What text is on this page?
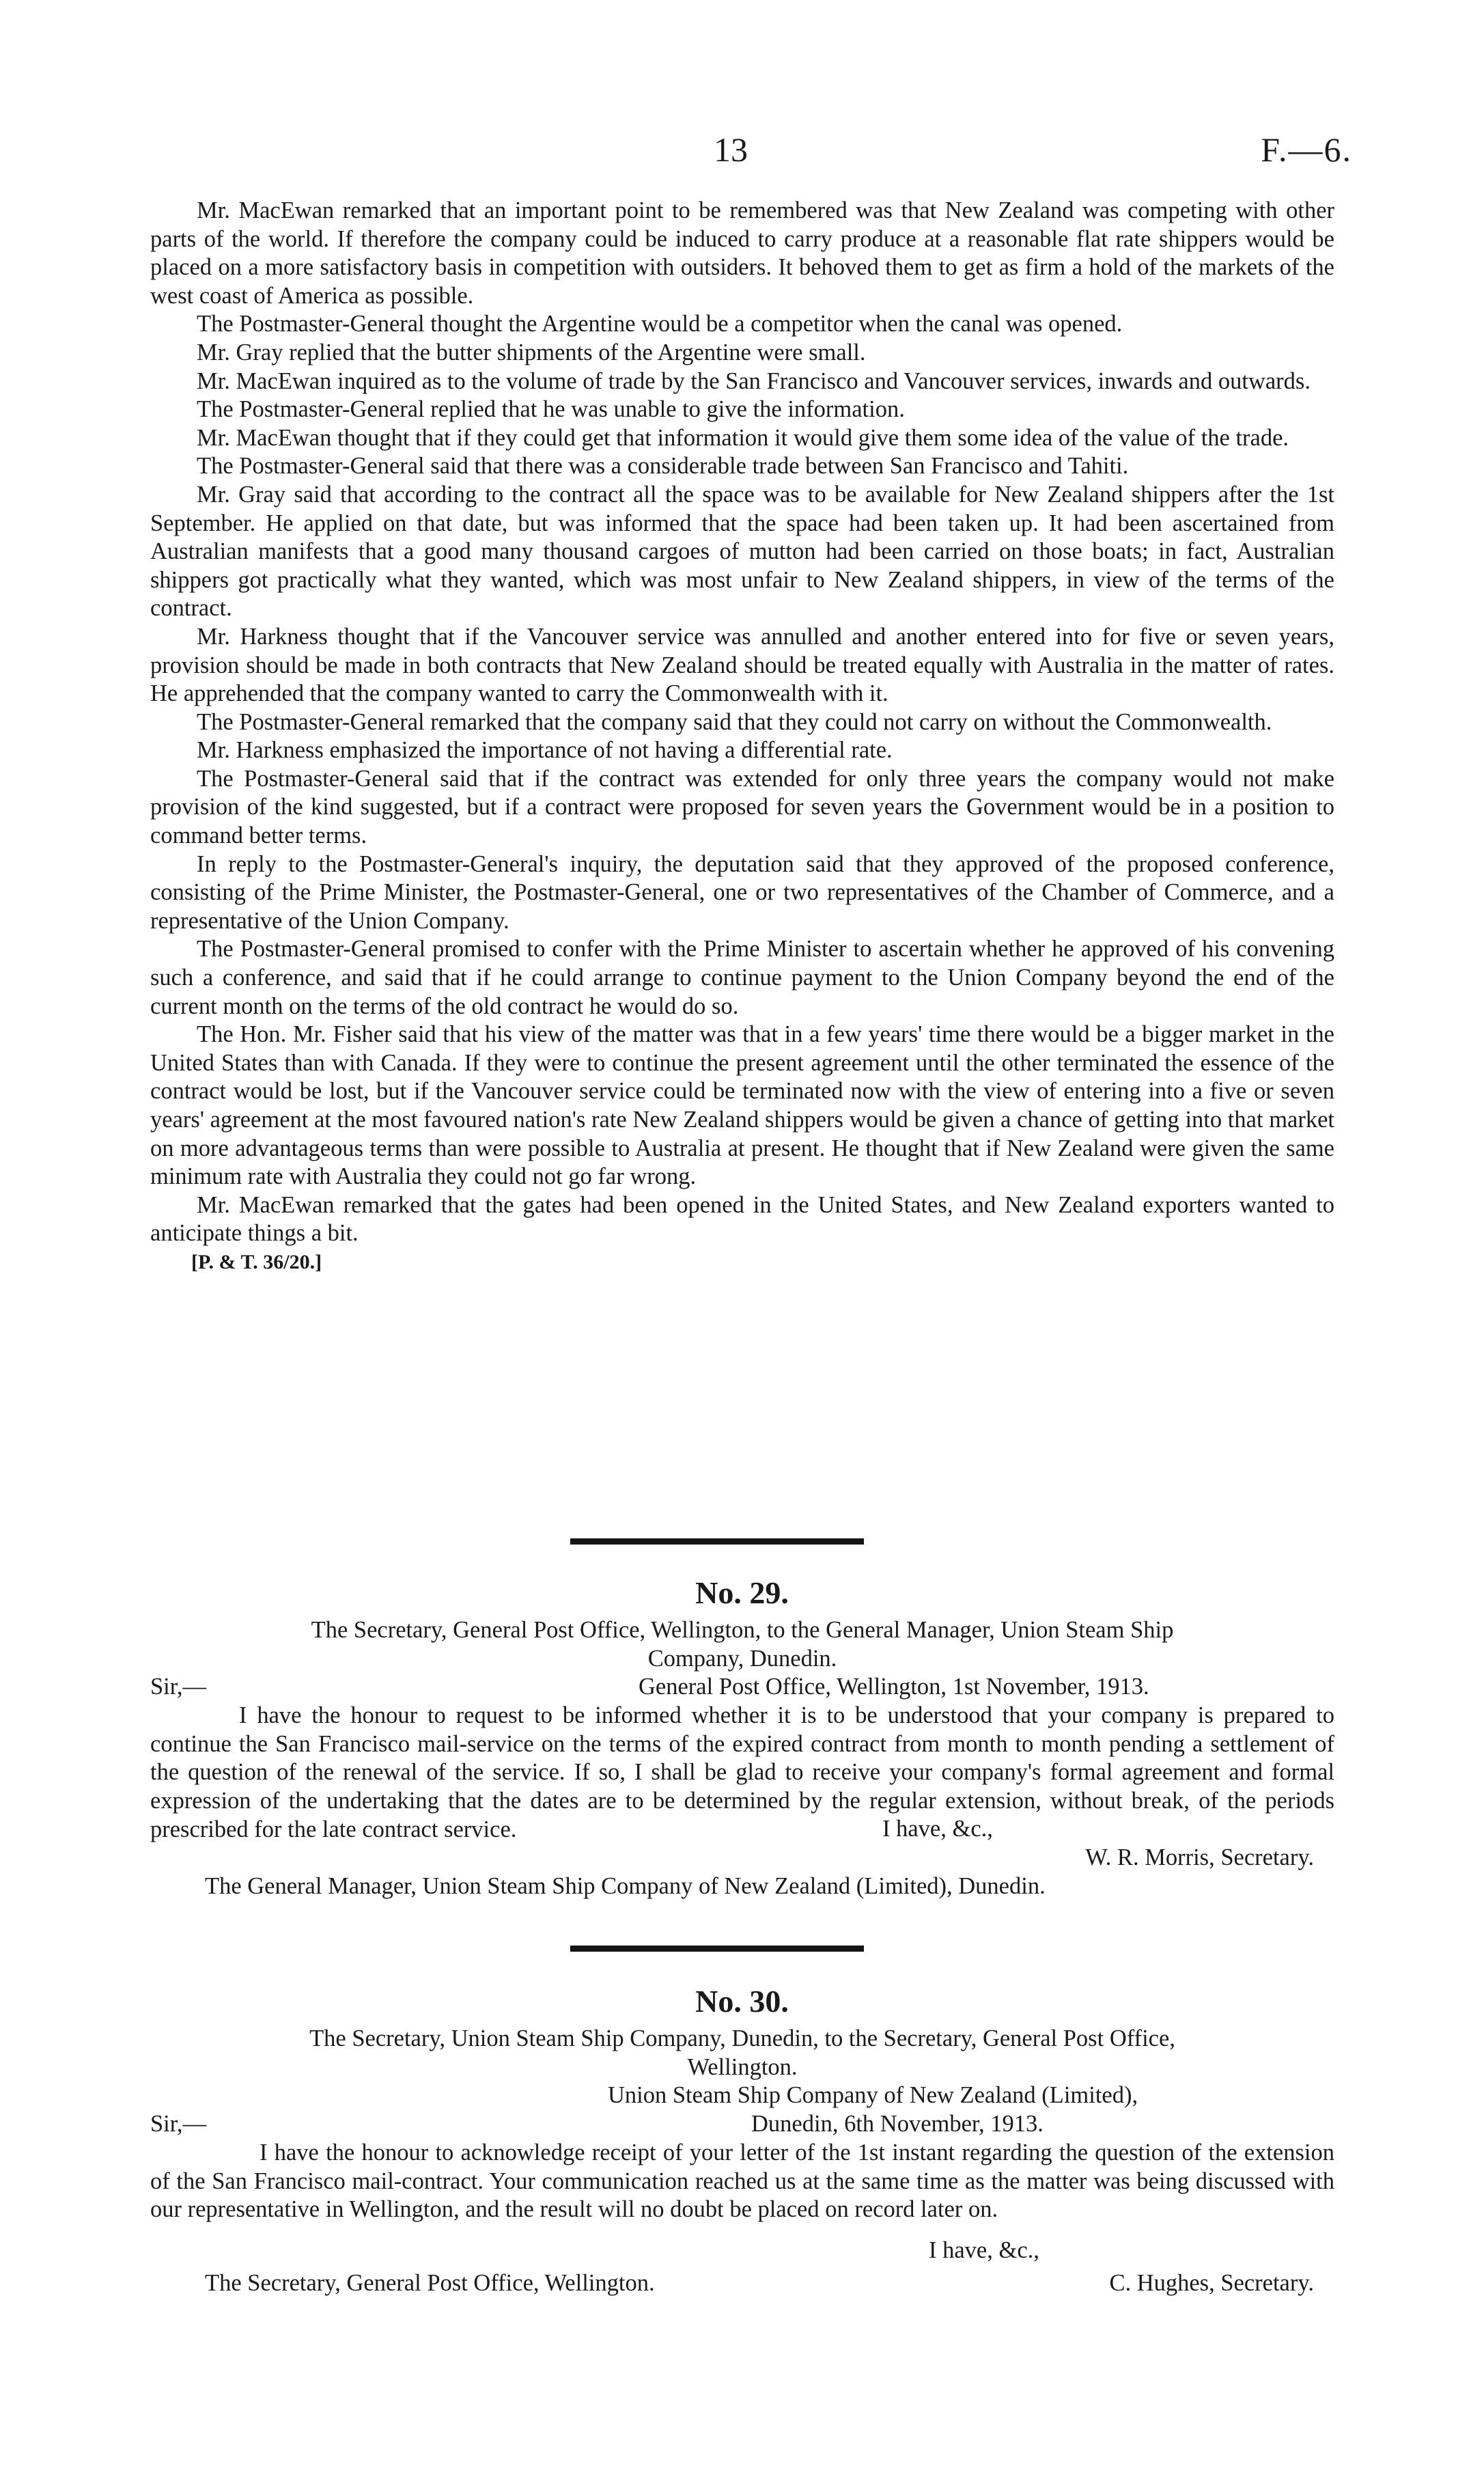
13	F.—6.

Mr. MacEwan remarked that an important point to be remembered was that New Zealand was competing with other parts of the world. If therefore the company could be induced to carry produce at a reasonable flat rate shippers would be placed on a more satisfactory basis in competition with outsiders. It behoved them to get as firm a hold of the markets of the west coast of America as possible.

The Postmaster-General thought the Argentine would be a competitor when the canal was opened.

Mr. Gray replied that the butter shipments of the Argentine were small.

Mr. MacEwan inquired as to the volume of trade by the San Francisco and Vancouver services, inwards and outwards.

The Postmaster-General replied that he was unable to give the information.

Mr. MacEwan thought that if they could get that information it would give them some idea of the value of the trade.

The Postmaster-General said that there was a considerable trade between San Francisco and Tahiti.

Mr. Gray said that according to the contract all the space was to be available for New Zealand shippers after the 1st September. He applied on that date, but was informed that the space had been taken up. It had been ascertained from Australian manifests that a good many thousand cargoes of mutton had been carried on those boats; in fact, Australian shippers got practically what they wanted, which was most unfair to New Zealand shippers, in view of the terms of the contract.

Mr. Harkness thought that if the Vancouver service was annulled and another entered into for five or seven years, provision should be made in both contracts that New Zealand should be treated equally with Australia in the matter of rates. He apprehended that the company wanted to carry the Commonwealth with it.

The Postmaster-General remarked that the company said that they could not carry on without the Commonwealth.

Mr. Harkness emphasized the importance of not having a differential rate.

The Postmaster-General said that if the contract was extended for only three years the company would not make provision of the kind suggested, but if a contract were proposed for seven years the Government would be in a position to command better terms.

In reply to the Postmaster-General's inquiry, the deputation said that they approved of the proposed conference, consisting of the Prime Minister, the Postmaster-General, one or two representatives of the Chamber of Commerce, and a representative of the Union Company.

The Postmaster-General promised to confer with the Prime Minister to ascertain whether he approved of his convening such a conference, and said that if he could arrange to continue payment to the Union Company beyond the end of the current month on the terms of the old contract he would do so.

The Hon. Mr. Fisher said that his view of the matter was that in a few years' time there would be a bigger market in the United States than with Canada. If they were to continue the present agreement until the other terminated the essence of the contract would be lost, but if the Vancouver service could be terminated now with the view of entering into a five or seven years' agreement at the most favoured nation's rate New Zealand shippers would be given a chance of getting into that market on more advantageous terms than were possible to Australia at present. He thought that if New Zealand were given the same minimum rate with Australia they could not go far wrong.

Mr. MacEwan remarked that the gates had been opened in the United States, and New Zealand exporters wanted to anticipate things a bit.

[P. & T. 36/20.]

No. 29.
The Secretary, General Post Office, Wellington, to the General Manager, Union Steam Ship
Company, Dunedin.
Sir,—	General Post Office, Wellington, 1st November, 1913.

I have the honour to request to be informed whether it is to be understood that your company is prepared to continue the San Francisco mail-service on the terms of the expired contract from month to month pending a settlement of the question of the renewal of the service. If so, I shall be glad to receive your company's formal agreement and formal expression of the undertaking that the dates are to be determined by the regular extension, without break, of the periods prescribed for the late contract service.	I have, &c.,
W. R. Morris, Secretary.
The General Manager, Union Steam Ship Company of New Zealand (Limited), Dunedin.
No. 30.
The Secretary, Union Steam Ship Company, Dunedin, to the Secretary, General Post Office,
Wellington.
Union Steam Ship Company of New Zealand (Limited),
Sir,—	Dunedin, 6th November, 1913.

I have the honour to acknowledge receipt of your letter of the 1st instant regarding the question of the extension of the San Francisco mail-contract. Your communication reached us at the same time as the matter was being discussed with our representative in Wellington, and the result will no doubt be placed on record later on.

I have, &c.,
The Secretary, General Post Office, Wellington.	C. Hughes, Secretary.
